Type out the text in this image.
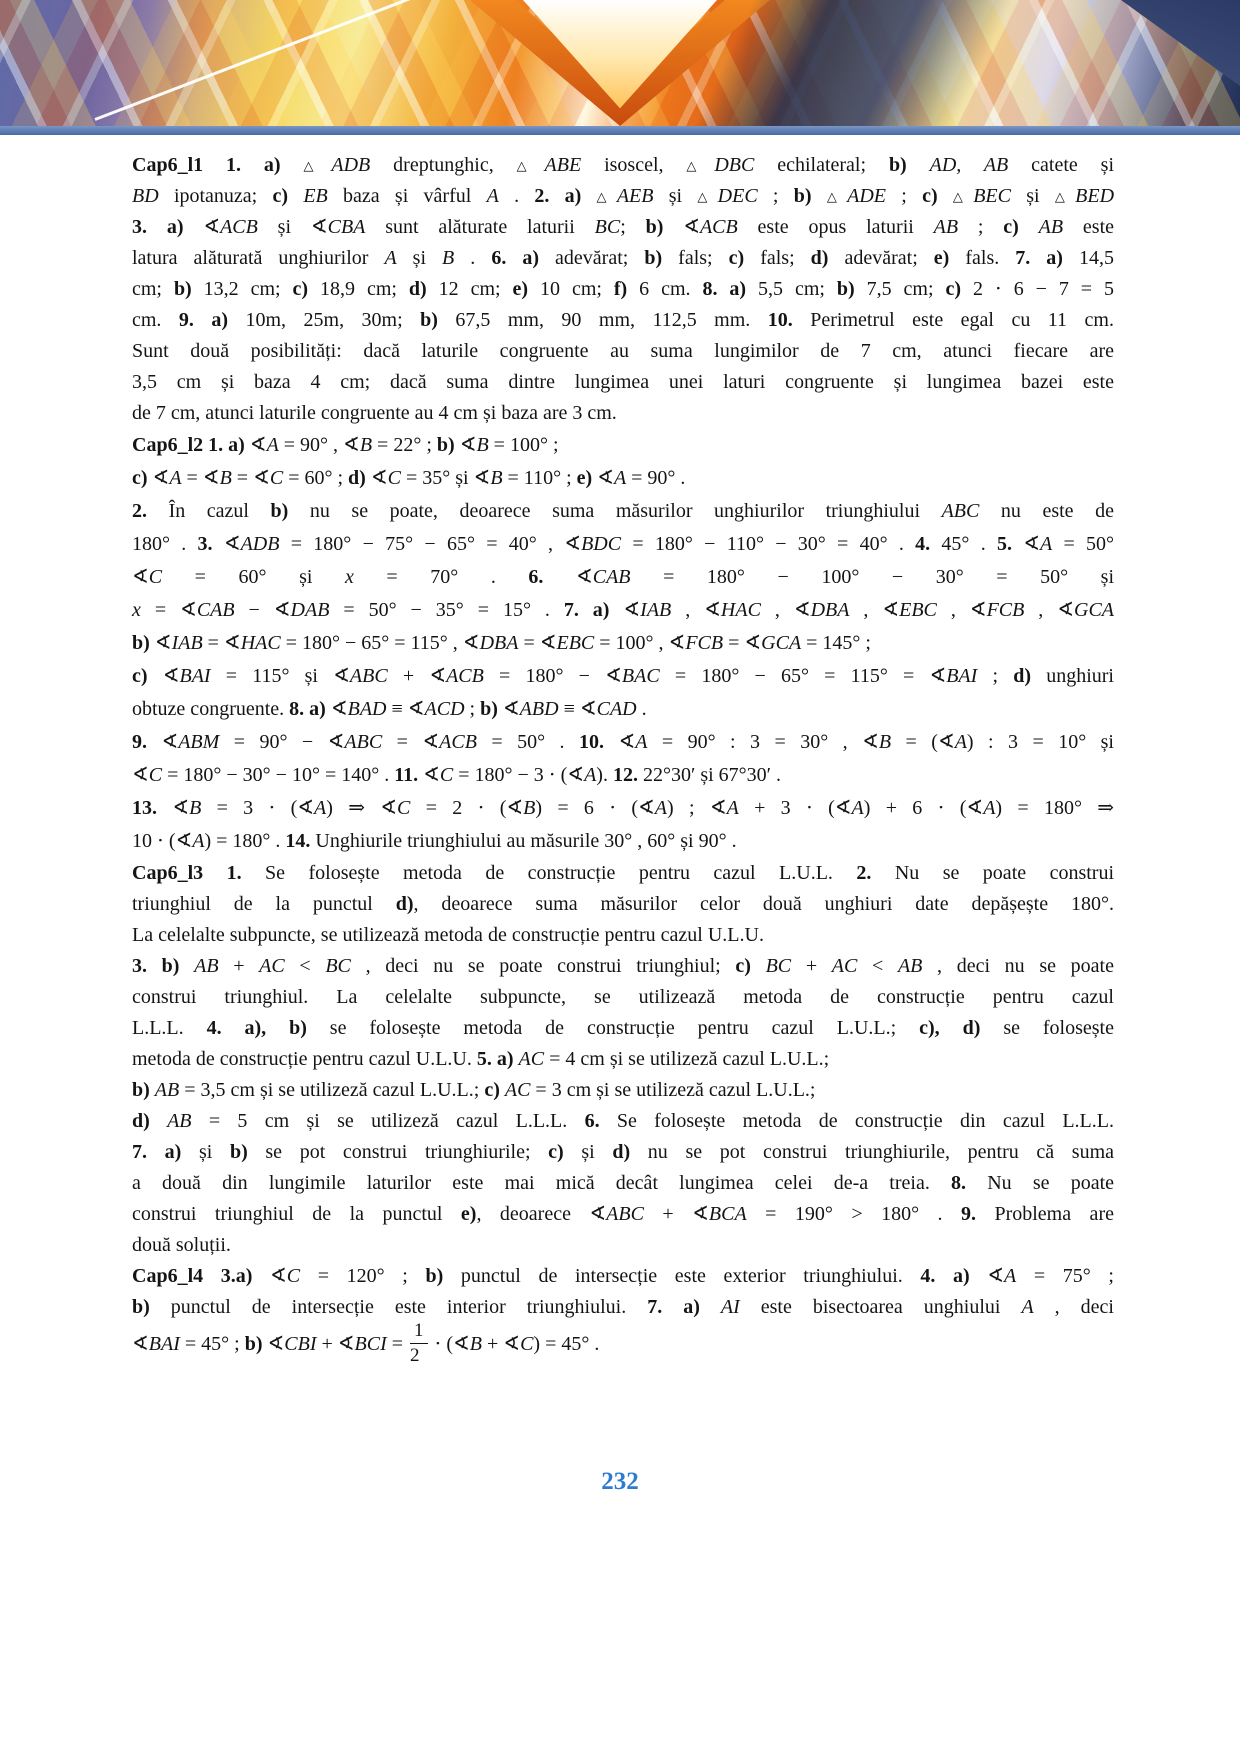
Cap6_l1 1. a) △ADB dreptunghic, △ABE isoscel, △DBC echilateral; b) AD, AB catete și
BD ipotanuza; c) EB baza și vârful A . 2. a) △AEB și △DEC ; b) △ADE ; c) △BEC și △BED
3. a) ∢ACB și ∢CBA sunt alăturate laturii BC; b) ∢ACB este opus laturii AB ; c) AB este
latura alăturată unghiurilor A și B . 6. a) adevărat; b) fals; c) fals; d) adevărat; e) fals. 7. a) 14,5
cm; b) 13,2 cm; c) 18,9 cm; d) 12 cm; e) 10 cm; f) 6 cm. 8. a) 5,5 cm; b) 7,5 cm; c) 2 ⋅ 6 − 7 = 5
cm. 9. a) 10m, 25m, 30m; b) 67,5 mm, 90 mm, 112,5 mm. 10. Perimetrul este egal cu 11 cm.
Sunt două posibilități: dacă laturile congruente au suma lungimilor de 7 cm, atunci fiecare are
3,5 cm și baza 4 cm; dacă suma dintre lungimea unei laturi congruente și lungimea bazei este
de 7 cm, atunci laturile congruente au 4 cm și baza are 3 cm.
Cap6_l2 1. a) ∢A = 90° , ∢B = 22° ; b) ∢B = 100° ;
c) ∢A = ∢B = ∢C = 60° ; d) ∢C = 35° și ∢B = 110° ; e) ∢A = 90° .
2. În cazul b) nu se poate, deoarece suma măsurilor unghiurilor triunghiului ABC nu este de
180° . 3. ∢ADB = 180° − 75° − 65° = 40° , ∢BDC = 180° − 110° − 30° = 40° . 4. 45° . 5. ∢A = 50°
∢C = 60° și x = 70° . 6. ∢CAB = 180° − 100° − 30° = 50° și
x = ∢CAB − ∢DAB = 50° − 35° = 15° . 7. a) ∢IAB , ∢HAC , ∢DBA , ∢EBC , ∢FCB , ∢GCA
b) ∢IAB = ∢HAC = 180° − 65° = 115° , ∢DBA = ∢EBC = 100° , ∢FCB = ∢GCA = 145° ;
c) ∢BAI = 115° și ∢ABC + ∢ACB = 180° − ∢BAC = 180° − 65° = 115° = ∢BAI ; d) unghiuri
obtuze congruente. 8. a) ∢BAD ≡ ∢ACD ; b) ∢ABD ≡ ∢CAD .
9. ∢ABM = 90° − ∢ABC = ∢ACB = 50° . 10. ∢A = 90° : 3 = 30° , ∢B = (∢A) : 3 = 10° și
∢C = 180° − 30° − 10° = 140° . 11. ∢C = 180° − 3 ⋅ (∢A). 12. 22°30′ și 67°30′ .
13. ∢B = 3 ⋅ (∢A) ⇒ ∢C = 2 ⋅ (∢B) = 6 ⋅ (∢A) ; ∢A + 3 ⋅ (∢A) + 6 ⋅ (∢A) = 180° ⇒
10 ⋅ (∢A) = 180° . 14. Unghiurile triunghiului au măsurile 30° , 60° și 90° .
Cap6_l3 1. Se folosește metoda de construcție pentru cazul L.U.L. 2. Nu se poate construi
triunghiul de la punctul d), deoarece suma măsurilor celor două unghiuri date depășește 180°.
La celelalte subpuncte, se utilizează metoda de construcție pentru cazul U.L.U.
3. b) AB + AC < BC , deci nu se poate construi triunghiul; c) BC + AC < AB , deci nu se poate
construi triunghiul. La celelalte subpuncte, se utilizează metoda de construcție pentru cazul
L.L.L. 4. a), b) se folosește metoda de construcție pentru cazul L.U.L.; c), d) se folosește
metoda de construcție pentru cazul U.L.U. 5. a) AC = 4 cm și se utilizeză cazul L.U.L.;
b) AB = 3,5 cm și se utilizeză cazul L.U.L.; c) AC = 3 cm și se utilizeză cazul L.U.L.;
d) AB = 5 cm și se utilizeză cazul L.L.L. 6. Se folosește metoda de construcție din cazul L.L.L.
7. a) și b) se pot construi triunghiurile; c) și d) nu se pot construi triunghiurile, pentru că suma
a două din lungimile laturilor este mai mică decât lungimea celei de-a treia. 8. Nu se poate
construi triunghiul de la punctul e), deoarece ∢ABC + ∢BCA = 190° > 180° . 9. Problema are
două soluții.
Cap6_l4 3.a) ∢C = 120° ; b) punctul de intersecție este exterior triunghiului. 4. a) ∢A = 75° ;
b) punctul de intersecție este interior triunghiului. 7. a) AI este bisectoarea unghiului A , deci
∢BAI = 45° ; b) ∢CBI + ∢BCI = $\frac{1}{2}$ ⋅ (∢B + ∢C) = 45° .
232
